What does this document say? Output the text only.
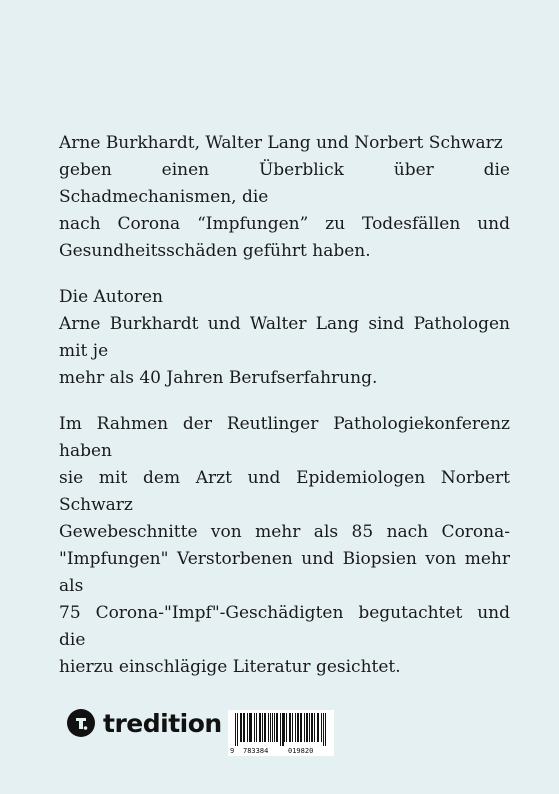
Arne Burkhardt, Walter Lang und Norbert Schwarz
geben einen Überblick über die Schadmechanismen, die
nach Corona “Impfungen” zu Todesfällen und
Gesundheitsschäden geführt haben.

Die Autoren
Arne Burkhardt und Walter Lang sind Pathologen mit je
mehr als 40 Jahren Berufserfahrung.

Im Rahmen der Reutlinger Pathologiekonferenz haben
sie mit dem Arzt und Epidemiologen Norbert Schwarz
Gewebeschnitte von mehr als 85 nach Corona-
"Impfungen" Verstorbenen und Biopsien von mehr als
75 Corona-"Impf"-Geschädigten begutachtet und die
hierzu einschlägige Literatur gesichtet.

tredition
9 783384	019820
